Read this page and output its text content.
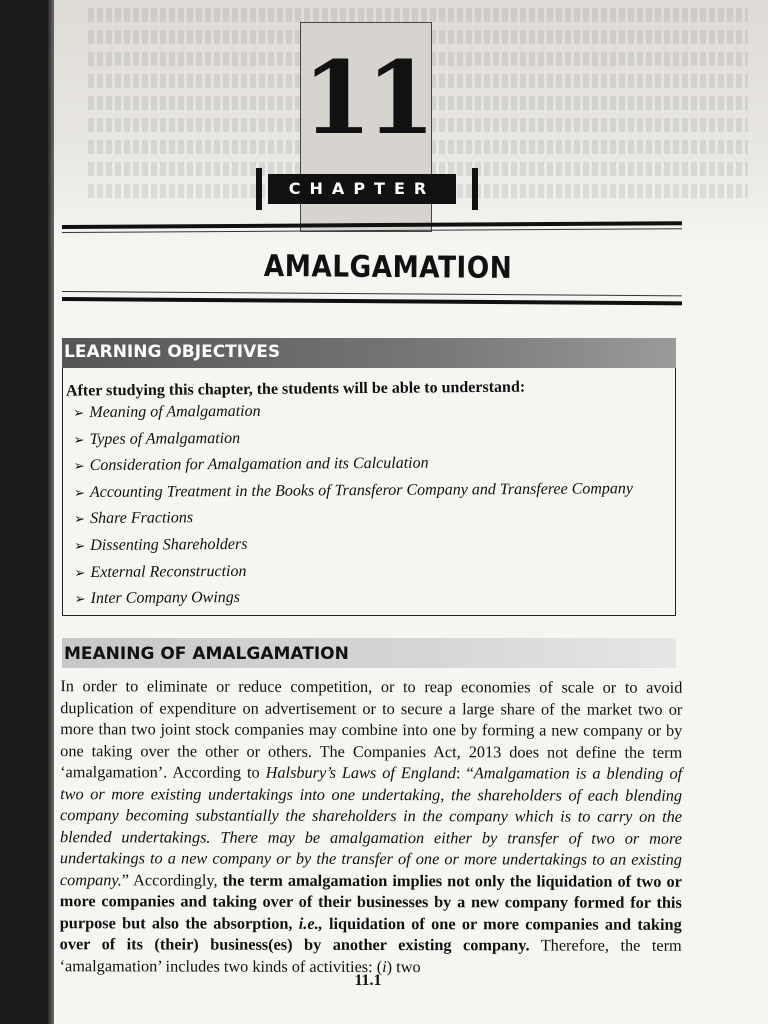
11
CHAPTER
AMALGAMATION
LEARNING OBJECTIVES
After studying this chapter, the students will be able to understand:
➢ Meaning of Amalgamation
➢ Types of Amalgamation
➢ Consideration for Amalgamation and its Calculation
➢ Accounting Treatment in the Books of Transferor Company and Transferee Company
➢ Share Fractions
➢ Dissenting Shareholders
➢ External Reconstruction
➢ Inter Company Owings
MEANING OF AMALGAMATION

In order to eliminate or reduce competition, or to reap economies of scale or to avoid duplication of expenditure on advertisement or to secure a large share of the market two or more than two joint stock companies may combine into one by forming a new company or by one taking over the other or others. The Companies Act, 2013 does not define the term ‘amalgamation’. According to Halsbury’s Laws of England: “Amalgamation is a blending of two or more existing undertakings into one undertaking, the shareholders of each blending company becoming substantially the shareholders in the company which is to carry on the blended undertakings. There may be amalgamation either by transfer of two or more undertakings to a new company or by the transfer of one or more undertakings to an existing company.” Accordingly, the term amalgamation implies not only the liquidation of two or more companies and taking over of their businesses by a new company formed for this purpose but also the absorption, i.e., liquidation of one or more companies and taking over of its (their) business(es) by another existing company. Therefore, the term ‘amalgamation’ includes two kinds of activities: (i) two

11.1
